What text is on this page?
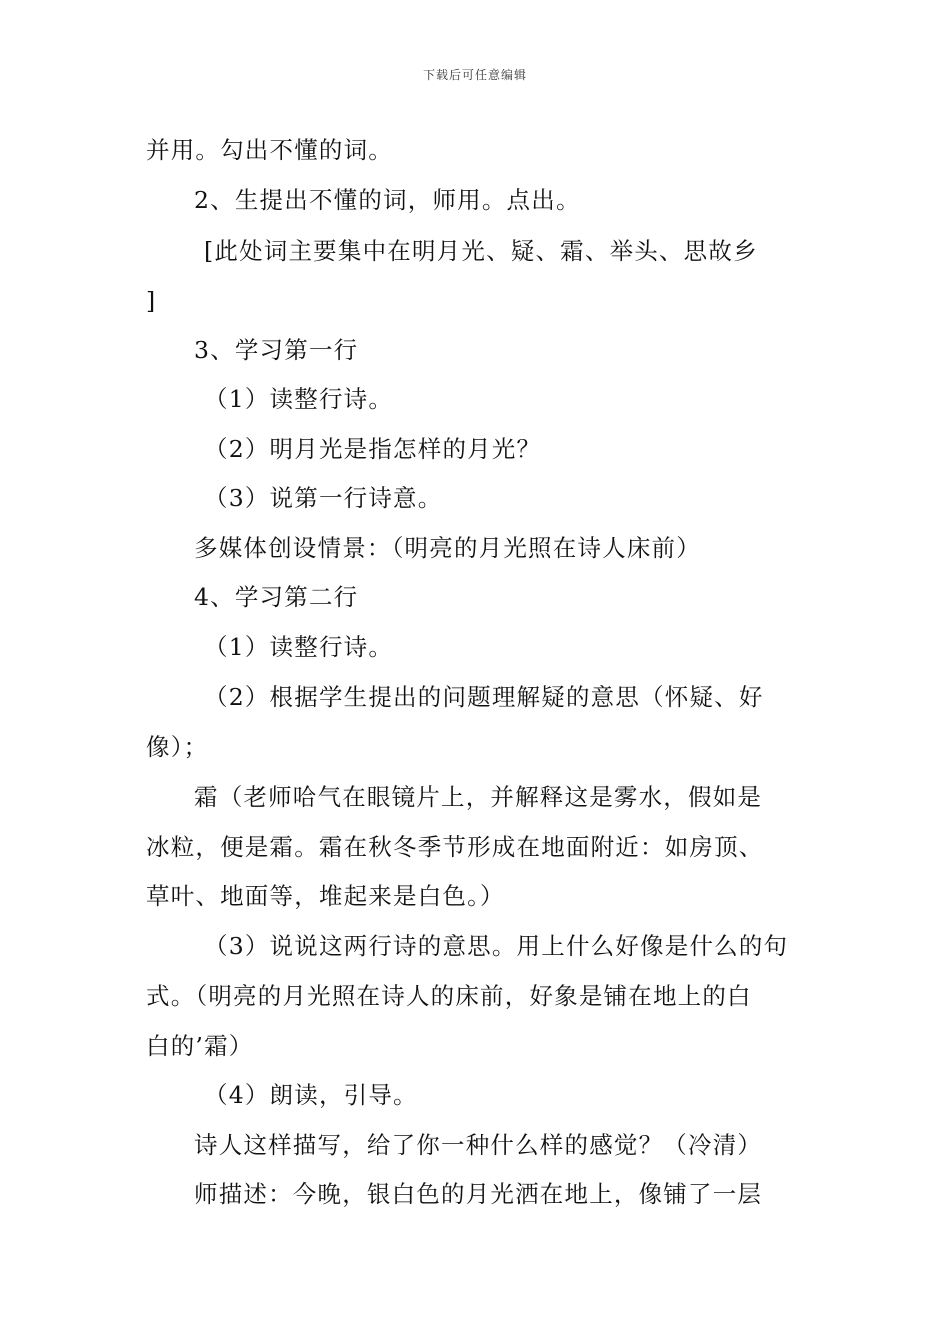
下载后可任意编辑
并用。勾出不懂的词。
2、生提出不懂的词，师用。点出。
[此处词主要集中在明月光、疑、霜、举头、思故乡
]
3、学习第一行
（1）读整行诗。
（2）明月光是指怎样的月光？
（3）说第一行诗意。
多媒体创设情景：（明亮的月光照在诗人床前）
4、学习第二行
（1）读整行诗。
（2）根据学生提出的问题理解疑的意思（怀疑、好
像）；
霜（老师哈气在眼镜片上，并解释这是雾水，假如是
冰粒，便是霜。霜在秋冬季节形成在地面附近：如房顶、
草叶、地面等，堆起来是白色。）
（3）说说这两行诗的意思。用上什么好像是什么的句
式。（明亮的月光照在诗人的床前，好象是铺在地上的白
白的’霜）
（4）朗读，引导。
诗人这样描写，给了你一种什么样的感觉？（冷清）
师描述：今晚，银白色的月光洒在地上，像铺了一层
